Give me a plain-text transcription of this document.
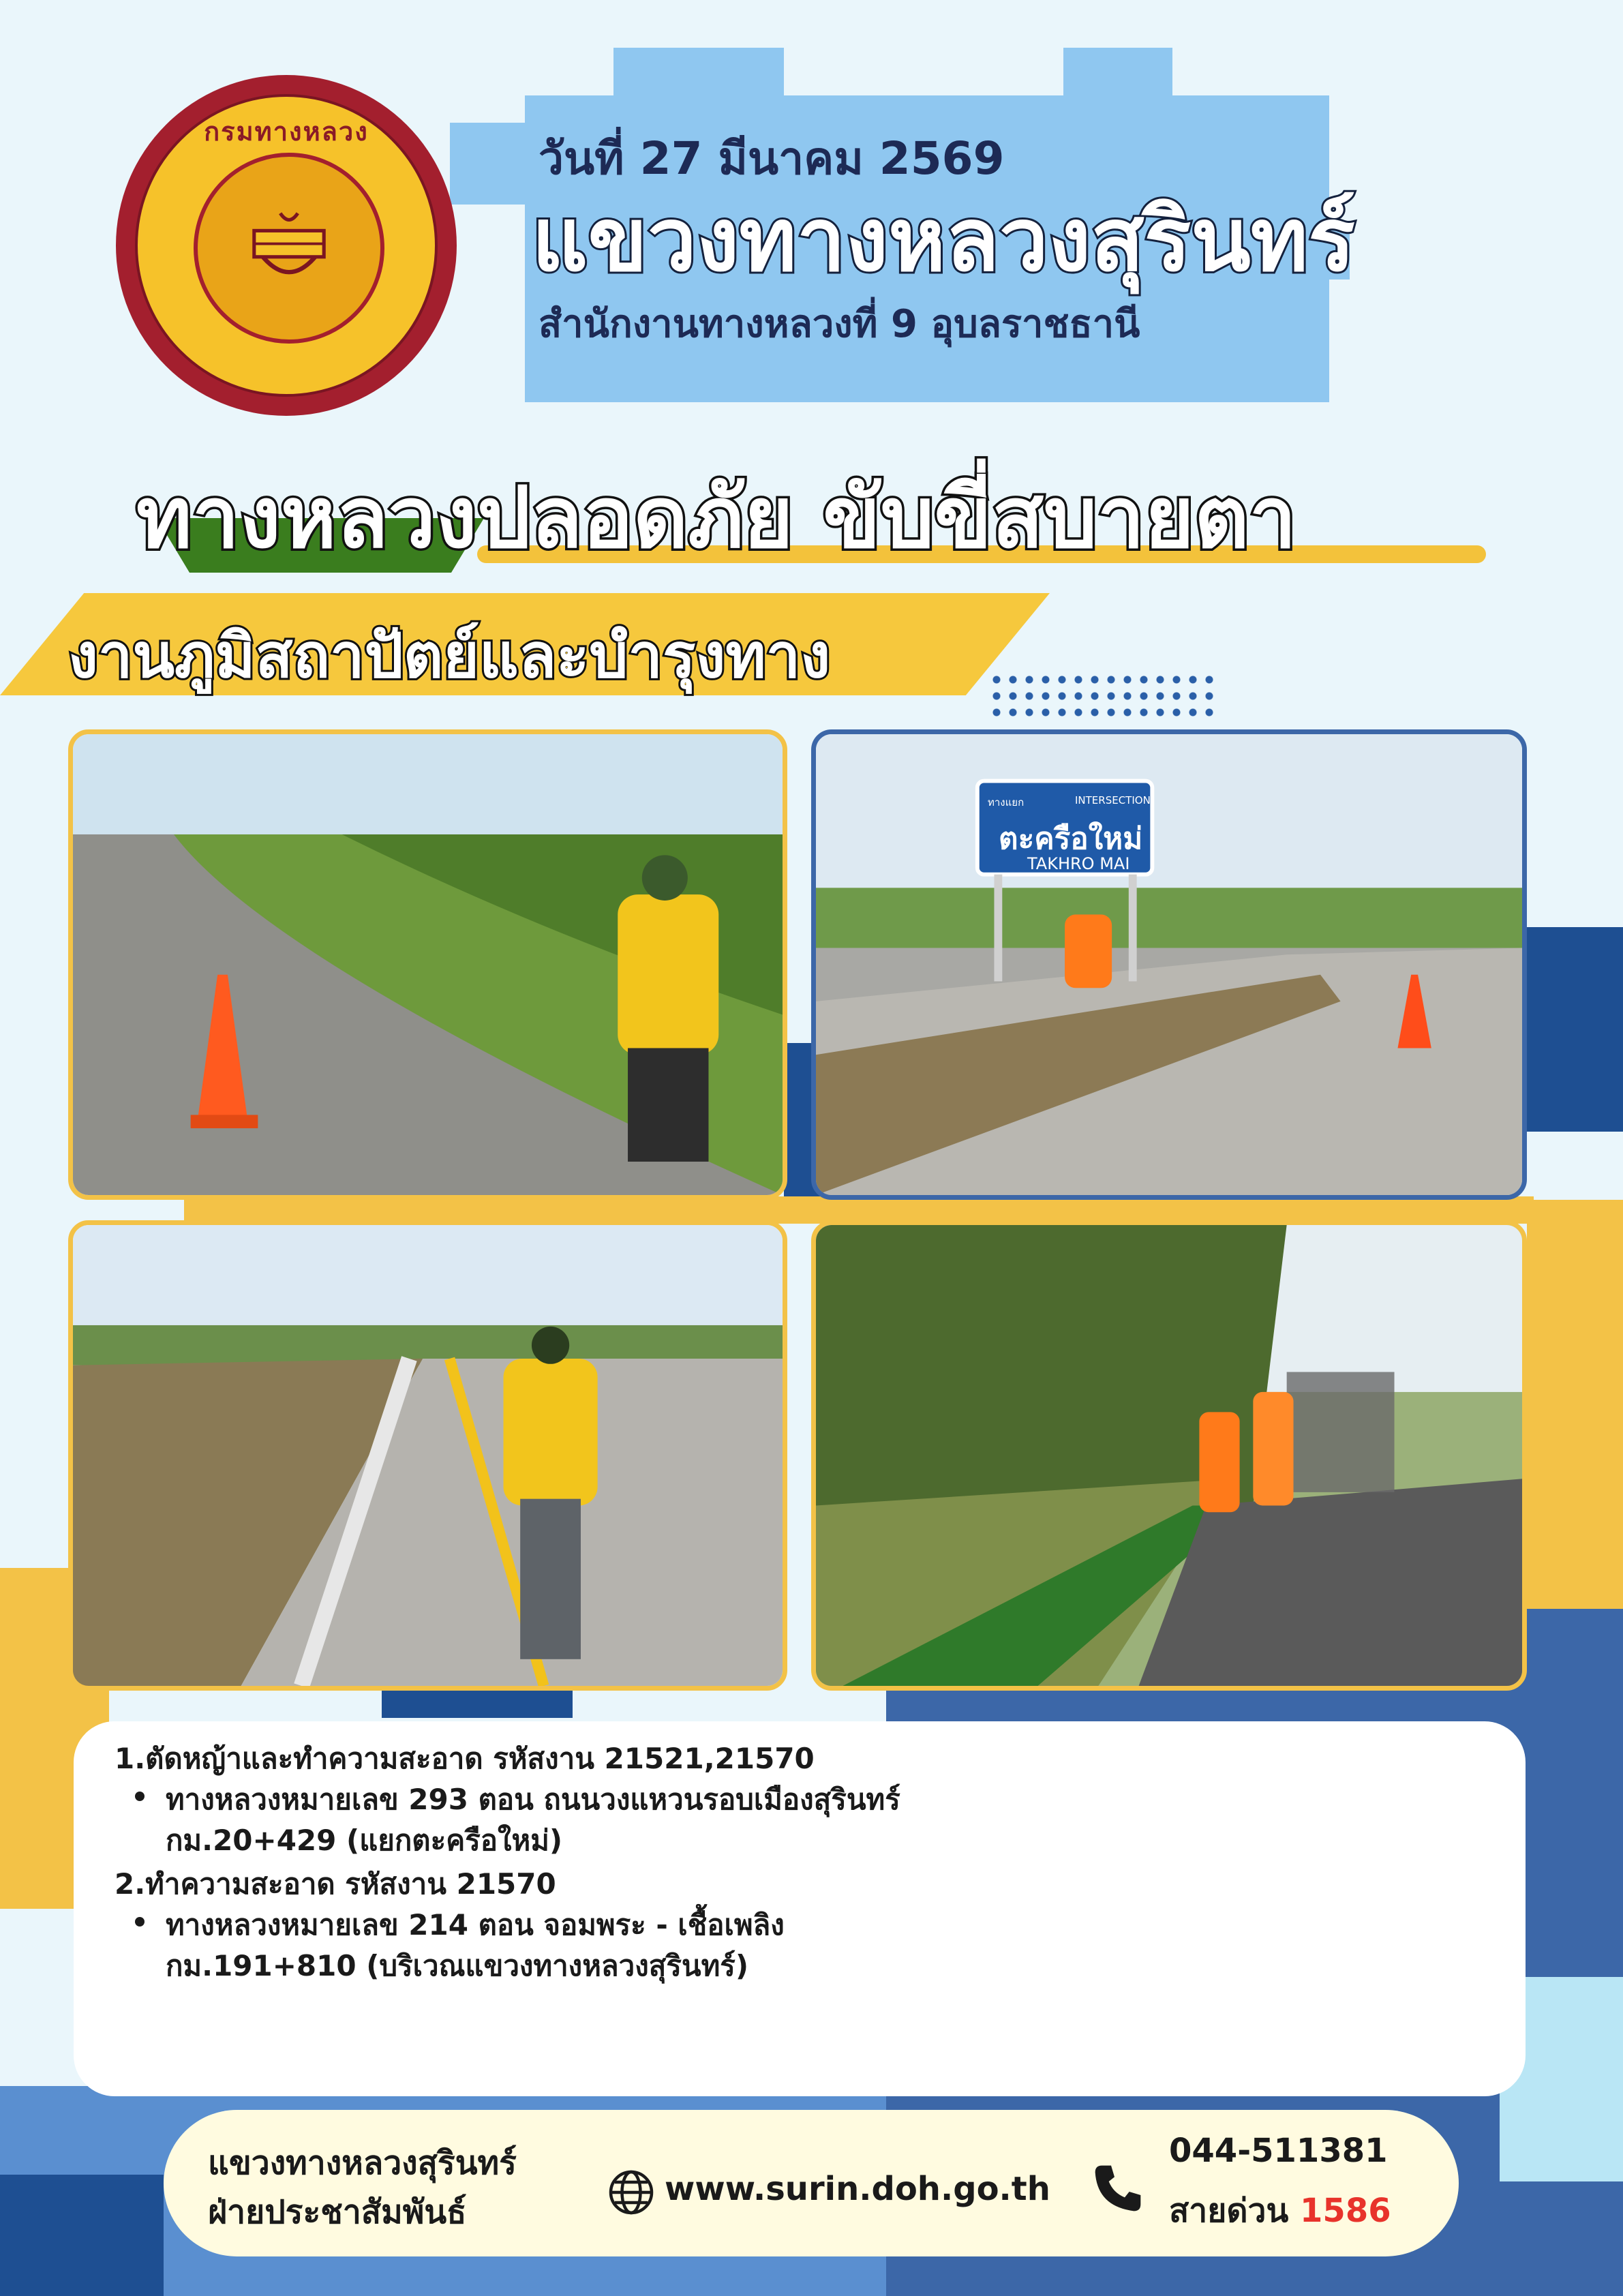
กรมทางหลวง
วันที่ 27 มีนาคม 2569
แขวงทางหลวงสุรินทร์
สำนักงานทางหลวงที่ 9 อุบลราชธานี
ทางหลวงปลอดภัย ขับขี่สบายตา
งานภูมิสถาปัตย์และบำรุงทาง
ทางแยก	INTERSECTION
ตะครือใหม่
TAKHRO MAI
1.ตัดหญ้าและทำความสะอาด รหัสงาน 21521,21570
ทางหลวงหมายเลข 293 ตอน ถนนวงแหวนรอบเมืองสุรินทร์
กม.20+429 (แยกตะครือใหม่)
2.ทำความสะอาด รหัสงาน 21570
ทางหลวงหมายเลข 214 ตอน จอมพระ - เชื้อเพลิง
กม.191+810 (บริเวณแขวงทางหลวงสุรินทร์)
แขวงทางหลวงสุรินทร์
ฝ่ายประชาสัมพันธ์
www.surin.doh.go.th
044-511381
สายด่วน 1586
